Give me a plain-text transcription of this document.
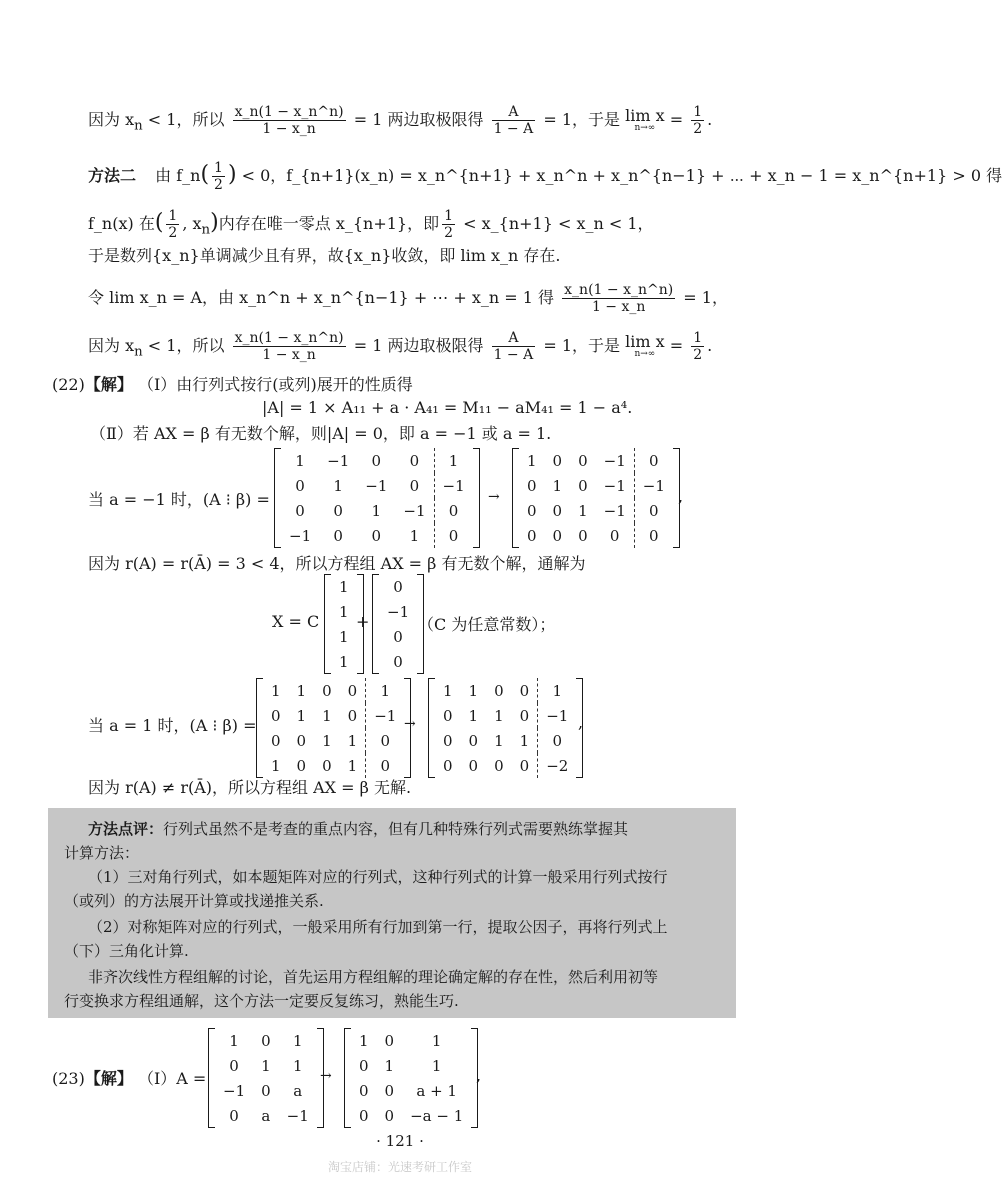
因为 $x_n < 1$，所以 $\frac{x\_n(1 - x\_n\^{}n)}{1 - x\_n} = 1$ 两边取极限得 $\frac{A}{1 - A} = 1$，于是 lim x
$n\to\infty = \frac{1}{2}$ .
方法二 由 f_n( $\frac{1}{2}$ ) < 0，f_{n+1}(x_n) = x_n^{n+1} + x_n^n + x_n^{n−1} + ⋯ + x_n − 1 = x_n^{n+1} > 0 得
f_n(x) 在( $\frac{1}{2}$ , $x_n$)内存在唯一零点 x_{n+1}，即 $\frac{1}{2}$ < x_{n+1} < x_n < 1，
于是数列{x_n}单调减少且有界，故{x_n}收敛，即 lim x_n 存在.
令 lim x_n = A，由 x_n^n + x_n^{n−1} + ⋯ + x_n = 1 得 $\frac{x\_n(1 - x\_n\^{}n)}{1 - x\_n} = 1$，
因为 $x_n < 1$，所以 $\frac{x\_n(1 - x\_n\^{}n)}{1 - x\_n} = 1$ 两边取极限得 $\frac{A}{1 - A} = 1$，于是 lim x
$n\to\infty = \frac{1}{2}$ .
(22)【解】 （Ⅰ）由行列式按行(或列)展开的性质得
|A| = 1 × A₁₁ + a · A₄₁ = M₁₁ − aM₄₁ = 1 − a⁴.
（Ⅱ）若 AX = β 有无数个解，则|A| = 0，即 a = −1 或 a = 1.
当 a = −1 时，(A ⁝ β) =
1	−1	0	0	1
0	1	−1	0	−1
0	0	1	−1	0
−1	0	0	1	0
→
1	0	0	−1	0
0	1	0	−1	−1
0	0	1	−1	0
0	0	0	0	0
,
因为 r(A) = r(Ā) = 3 < 4，所以方程组 AX = β 有无数个解，通解为
X = C
1
1
1
1
+
0
−1
0
0
（C 为任意常数）；
当 a = 1 时，(A ⁝ β) =
1	1	0	0	1
0	1	1	0	−1
0	0	1	1	0
1	0	0	1	0
→
1	1	0	0	1
0	1	1	0	−1
0	0	1	1	0
0	0	0	0	−2
,
因为 r(A) ≠ r(Ā)，所以方程组 AX = β 无解.
方法点评：行列式虽然不是考查的重点内容，但有几种特殊行列式需要熟练掌握其
计算方法：
（1）三对角行列式，如本题矩阵对应的行列式，这种行列式的计算一般采用行列式按行
（或列）的方法展开计算或找递推关系.
（2）对称矩阵对应的行列式，一般采用所有行加到第一行，提取公因子，再将行列式上
（下）三角化计算.
非齐次线性方程组解的讨论，首先运用方程组解的理论确定解的存在性，然后利用初等
行变换求方程组通解，这个方法一定要反复练习，熟能生巧.
(23)【解】 （Ⅰ）A =
1	0	1
0	1	1
−1	0	a
0	a	−1
→
1	0	1
0	1	1
0	0	a + 1
0	0	−a − 1
,
· 121 ·
淘宝店铺：光速考研工作室
